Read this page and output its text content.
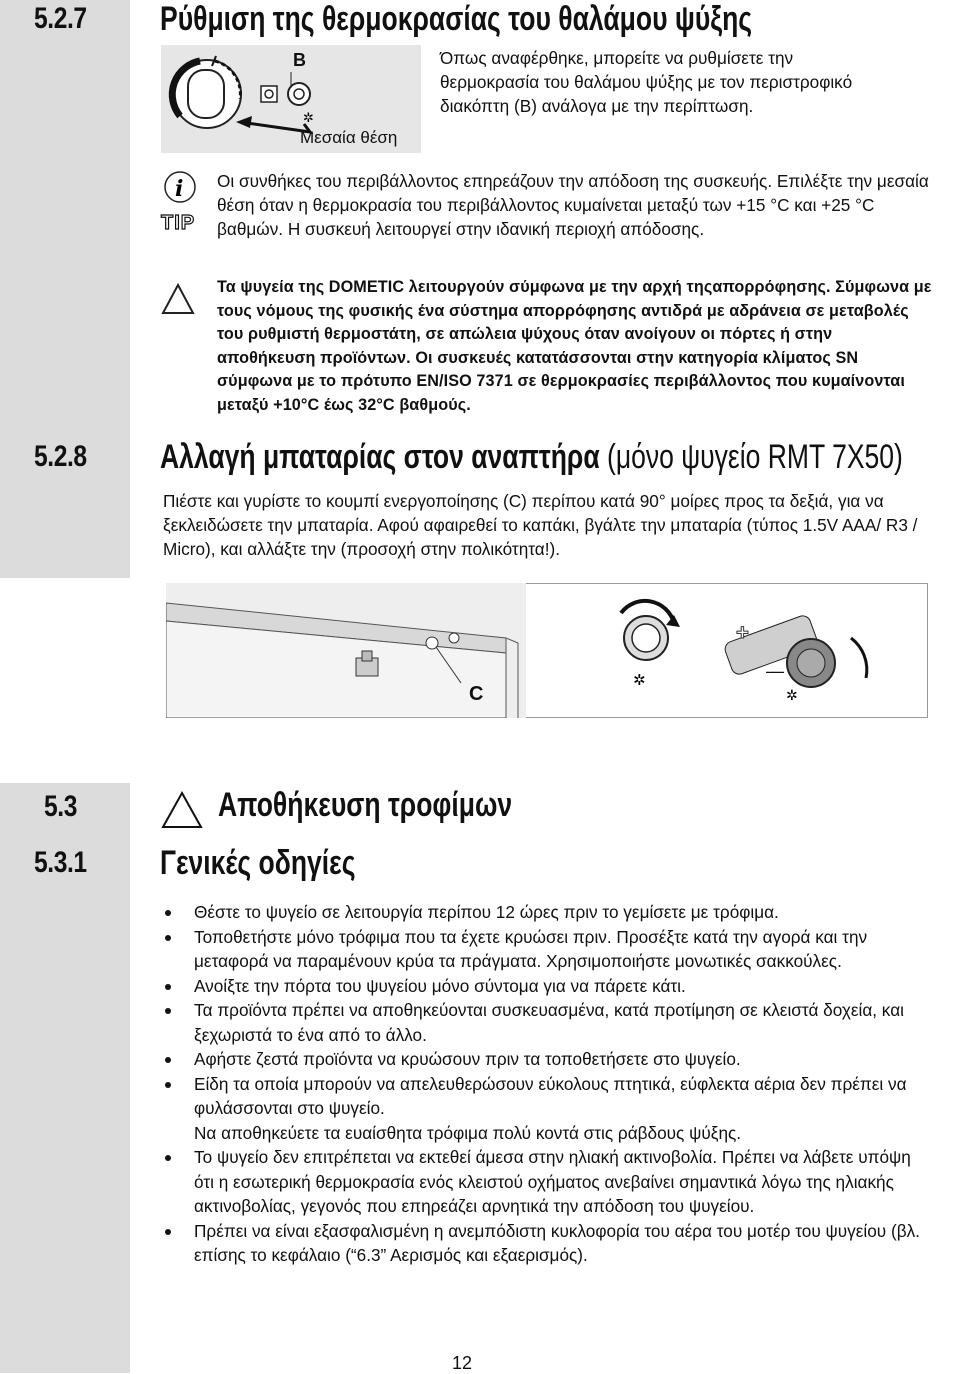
5.2.7 Ρύθμιση της θερμοκρασίας του θαλάμου ψύξης
✲
B
Μεσαία θέση
Όπως αναφέρθηκε, μπορείτε να ρυθμίσετε την θερμοκρασία του θαλάμου ψύξης με τον περιστροφικό διακόπτη (B) ανάλογα με την περίπτωση.
i
TIP
Οι συνθήκες του περιβάλλοντος επηρεάζουν την απόδοση της συσκευής. Επιλέξτε την μεσαία θέση όταν η θερμοκρασία του περιβάλλοντος κυμαίνεται μεταξύ των +15 °C και +25 °C βαθμών. Η συσκευή λειτουργεί στην ιδανική περιοχή απόδοσης.
Τα ψυγεία της DOMETIC λειτουργούν σύμφωνα με την αρχή τηςαπορρόφησης. Σύμφωνα με τους νόμους της φυσικής ένα σύστημα απορρόφησης αντιδρά με αδράνεια σε μεταβολές του ρυθμιστή θερμοστάτη, σε απώλεια ψύχους όταν ανοίγουν οι πόρτες ή στην αποθήκευση προϊόντων. Οι συσκευές κατατάσσονται στην κατηγορία κλίματος SN σύμφωνα με το πρότυπο EN/ISO 7371 σε θερμοκρασίες περιβάλλοντος που κυμαίνονται μεταξύ +10°C έως 32°C βαθμούς.
5.2.8 Αλλαγή μπαταρίας στον αναπτήρα (μόνο ψυγείο RMT 7X50)
Πιέστε και γυρίστε το κουμπί ενεργοποίησης (C) περίπου κατά 90° μοίρες προς τα δεξιά, για να ξεκλειδώσετε την μπαταρία. Αφού αφαιρεθεί το καπάκι, βγάλτε την μπαταρία (τύπος 1.5V AAA/ R3 / Micro), και αλλάξτε την (προσοχή στην πολικότητα!).
✲
✲
C
+
—
5.3	Αποθήκευση τροφίμων
5.3.1 Γενικές οδηγίες
Θέστε το ψυγείο σε λειτουργία περίπου 12 ώρες πριν το γεμίσετε με τρόφιμα.
Τοποθετήστε μόνο τρόφιμα που τα έχετε κρυώσει πριν. Προσέξτε κατά την αγορά και την μεταφορά να παραμένουν κρύα τα πράγματα. Χρησιμοποιήστε μονωτικές σακκούλες.
Ανοίξτε την πόρτα του ψυγείου μόνο σύντομα για να πάρετε κάτι.
Τα προϊόντα πρέπει να αποθηκεύονται συσκευασμένα, κατά προτίμηση σε κλειστά δοχεία, και ξεχωριστά το ένα από το άλλο.
Αφήστε ζεστά προϊόντα να κρυώσουν πριν τα τοποθετήσετε στο ψυγείο.
Είδη τα οποία μπορούν να απελευθερώσουν εύκολους πτητικά, εύφλεκτα αέρια δεν πρέπει να φυλάσσονται στο ψυγείο.
Να αποθηκεύετε τα ευαίσθητα τρόφιμα πολύ κοντά στις ράβδους ψύξης.
Το ψυγείο δεν επιτρέπεται να εκτεθεί άμεσα στην ηλιακή ακτινοβολία. Πρέπει να λάβετε υπόψη ότι η εσωτερική θερμοκρασία ενός κλειστού οχήματος ανεβαίνει σημαντικά λόγω της ηλιακής ακτινοβολίας, γεγονός που επηρεάζει αρνητικά την απόδοση του ψυγείου.
Πρέπει να είναι εξασφαλισμένη η ανεμπόδιστη κυκλοφορία του αέρα του μοτέρ του ψυγείου (βλ. επίσης το κεφάλαιο (“6.3” Αερισμός και εξαερισμός).
12
